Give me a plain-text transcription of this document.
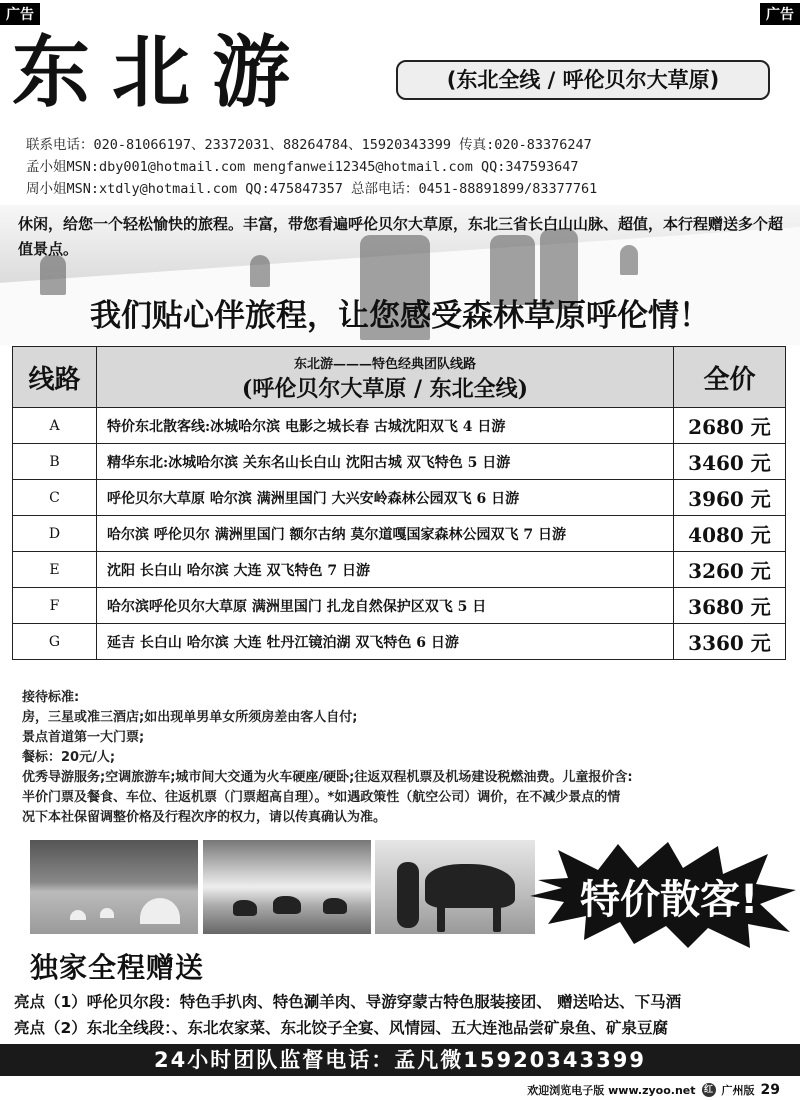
广告	广告
东北游	(东北全线 / 呼伦贝尔大草原)
联系电话：020-81066197、23372031、88264784、15920343399 传真:020-83376247
孟小姐MSN:dby001@hotmail.com mengfanwei12345@hotmail.com QQ:347593647
周小姐MSN:xtdly@hotmail.com QQ:475847357 总部电话：0451-88891899/83377761
休闲，给您一个轻松愉快的旅程。丰富，带您看遍呼伦贝尔大草原，东北三省长白山山脉、超值，本行程赠送多个超值景点。
我们贴心伴旅程，让您感受森林草原呼伦情！
线路	东北游———特色经典团队线路	全价
	(呼伦贝尔大草原 / 东北全线)	
A	特价东北散客线:冰城哈尔滨 电影之城长春 古城沈阳双飞 4 日游	2680 元
B	精华东北:冰城哈尔滨 关东名山长白山 沈阳古城 双飞特色 5 日游	3460 元
C	呼伦贝尔大草原 哈尔滨 满洲里国门 大兴安岭森林公园双飞 6 日游	3960 元
D	哈尔滨 呼伦贝尔 满洲里国门 额尔古纳 莫尔道嘎国家森林公园双飞 7 日游	4080 元
E	沈阳 长白山 哈尔滨 大连 双飞特色 7 日游	3260 元
F	哈尔滨呼伦贝尔大草原 满洲里国门 扎龙自然保护区双飞 5 日	3680 元
G	延吉 长白山 哈尔滨 大连 牡丹江镜泊湖 双飞特色 6 日游	3360 元
接待标准:
房，三星或准三酒店;如出现单男单女所须房差由客人自付;
景点首道第一大门票;
餐标：20元/人;
优秀导游服务;空调旅游车;城市间大交通为火车硬座/硬卧;往返双程机票及机场建设税燃油费。儿童报价含:
半价门票及餐食、车位、往返机票（门票超高自理）。*如遇政策性（航空公司）调价，在不减少景点的情
况下本社保留调整价格及行程次序的权力，请以传真确认为准。
特价散客!
独家全程赠送
亮点（1）呼伦贝尔段：特色手扒肉、特色涮羊肉、导游穿蒙古特色服装接团、 赠送哈达、下马酒
亮点（2）东北全线段：、东北农家菜、东北饺子全宴、风情园、五大连池品尝矿泉鱼、矿泉豆腐
24小时团队监督电话：孟凡微15920343399
欢迎浏览电子版 www.zyoo.net 红 广州版 29
